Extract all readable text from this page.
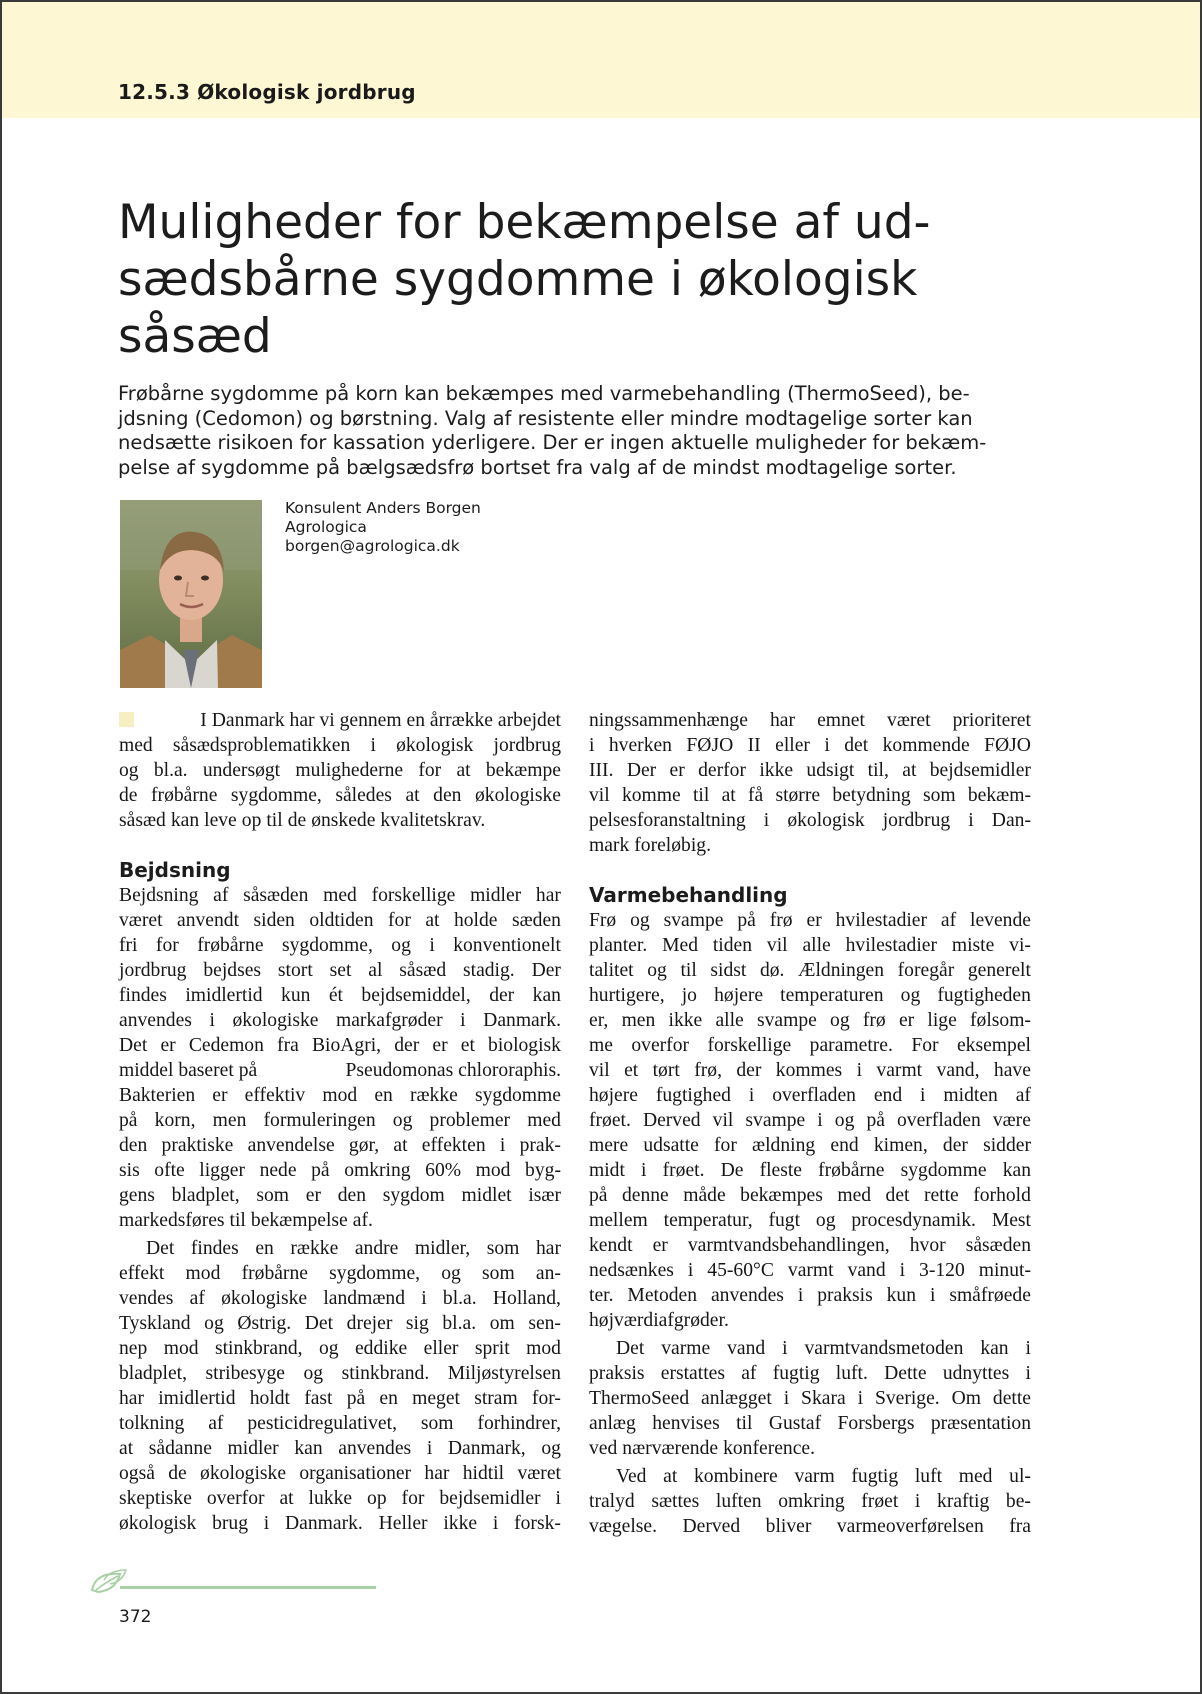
12.5.3 Økologisk jordbrug
Muligheder for bekæmpelse af ud-
sædsbårne sygdomme i økologisk
såsæd
Frøbårne sygdomme på korn kan bekæmpes med varmebehandling (ThermoSeed), be-
jdsning (Cedomon) og børstning. Valg af resistente eller mindre modtagelige sorter kan
nedsætte risikoen for kassation yderligere. Der er ingen aktuelle muligheder for bekæm-
pelse af sygdomme på bælgsædsfrø bortset fra valg af de mindst modtagelige sorter.
Konsulent Anders Borgen
Agrologica
borgen@agrologica.dk
I Danmark har vi gennem en årrække arbejdet
med såsædsproblematikken i økologisk jordbrug
og bl.a. undersøgt mulighederne for at bekæmpe
de frøbårne sygdomme, således at den økologiske
såsæd kan leve op til de ønskede kvalitetskrav.
Bejdsning
Bejdsning af såsæden med forskellige midler har
været anvendt siden oldtiden for at holde sæden
fri for frøbårne sygdomme, og i konventionelt
jordbrug bejdses stort set al såsæd stadig. Der
findes imidlertid kun ét bejdsemiddel, der kan
anvendes i økologiske markafgrøder i Danmark.
Det er Cedemon fra BioAgri, der er et biologisk
middel baseret på	Pseudomonas chlororaphis.
Bakterien er effektiv mod en række sygdomme
på korn, men formuleringen og problemer med
den praktiske anvendelse gør, at effekten i prak-
sis ofte ligger nede på omkring 60% mod byg-
gens bladplet, som er den sygdom midlet især
markedsføres til bekæmpelse af.
Det findes en række andre midler, som har
effekt mod frøbårne sygdomme, og som an-
vendes af økologiske landmænd i bl.a. Holland,
Tyskland og Østrig. Det drejer sig bl.a. om sen-
nep mod stinkbrand, og eddike eller sprit mod
bladplet, stribesyge og stinkbrand. Miljøstyrelsen
har imidlertid holdt fast på en meget stram for-
tolkning af pesticidregulativet, som forhindrer,
at sådanne midler kan anvendes i Danmark, og
også de økologiske organisationer har hidtil været
skeptiske overfor at lukke op for bejdsemidler i
økologisk brug i Danmark. Heller ikke i forsk-
ningssammenhænge har emnet været prioriteret
i hverken FØJO II eller i det kommende FØJO
III. Der er derfor ikke udsigt til, at bejdsemidler
vil komme til at få større betydning som bekæm-
pelsesforanstaltning i økologisk jordbrug i Dan-
mark foreløbig.
Varmebehandling
Frø og svampe på frø er hvilestadier af levende
planter. Med tiden vil alle hvilestadier miste vi-
talitet og til sidst dø. Ældningen foregår generelt
hurtigere, jo højere temperaturen og fugtigheden
er, men ikke alle svampe og frø er lige følsom-
me overfor forskellige parametre. For eksempel
vil et tørt frø, der kommes i varmt vand, have
højere fugtighed i overfladen end i midten af
frøet. Derved vil svampe i og på overfladen være
mere udsatte for ældning end kimen, der sidder
midt i frøet. De fleste frøbårne sygdomme kan
på denne måde bekæmpes med det rette forhold
mellem temperatur, fugt og procesdynamik. Mest
kendt er varmtvandsbehandlingen, hvor såsæden
nedsænkes i 45-60°C varmt vand i 3-120 minut-
ter. Metoden anvendes i praksis kun i småfrøede
højværdiafgrøder.
Det varme vand i varmtvandsmetoden kan i
praksis erstattes af fugtig luft. Dette udnyttes i
ThermoSeed anlægget i Skara i Sverige. Om dette
anlæg henvises til Gustaf Forsbergs præsentation
ved nærværende konference.
Ved at kombinere varm fugtig luft med ul-
tralyd sættes luften omkring frøet i kraftig be-
vægelse. Derved bliver varmeoverførelsen fra
372
